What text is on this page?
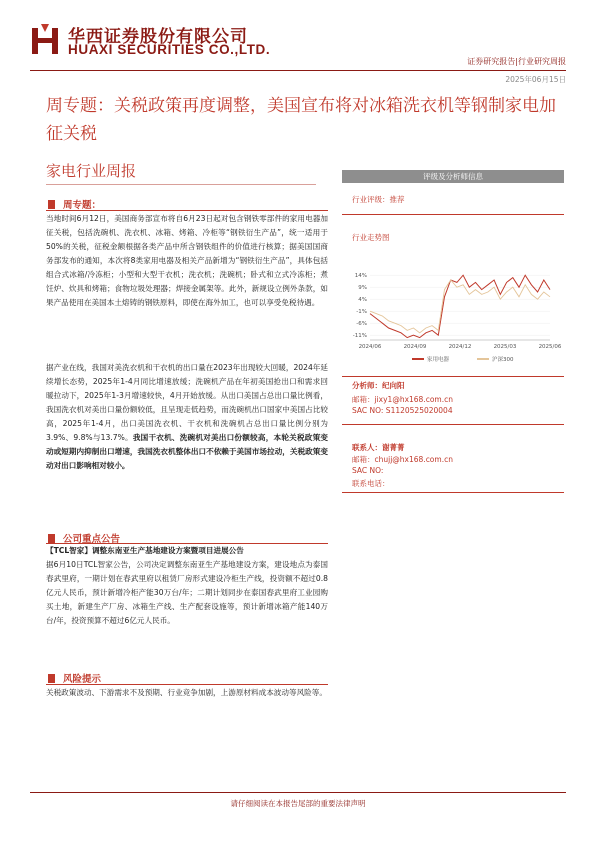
华西证券股份有限公司
HUAXI SECURITIES CO.,LTD.
证券研究报告|行业研究周报
2025年06月15日
周专题：关税政策再度调整，美国宣布将对冰箱洗衣机等钢制家电加征关税
家电行业周报
周专题：
当地时间6月12日，美国商务部宣布将自6月23日起对包含钢铁零部件的家用电器加征关税，包括洗碗机、洗衣机、冰箱、烤箱、冷柜等“钢铁衍生产品”，统一适用于50%的关税，征税金额根据各类产品中所含钢铁组件的价值进行核算；据美国国商务部发布的通知，本次将8类家用电器及相关产品新增为“钢铁衍生产品”，具体包括组合式冰箱/冷冻柜；小型和大型干衣机；洗衣机；洗碗机；卧式和立式冷冻柜；煮饪炉、炊具和烤箱；食物垃圾处理器；焊接金属架等。此外，新规设立例外条款，如果产品使用在美国本土熔铸的钢铁原料，即使在海外加工，也可以享受免税待遇。
据产业在线，我国对美洗衣机和干衣机的出口量在2023年出现较大回暖，2024年延续增长态势，2025年1-4月同比增速放缓；洗碗机产品在年初美国抢出口和需求回暖拉动下，2025年1-3月增速较快，4月开始放缓。从出口美国占总出口量比例看，我国洗衣机对美出口量份额较低，且呈现走低趋势，而洗碗机出口国家中美国占比较高，2025年1-4月，出口美国洗衣机、干衣机和洗碗机占总出口量比例分别为3.9%、9.8%与13.7%。我国干衣机、洗碗机对美出口份额较高，本轮关税政策变动或短期内抑制出口增速，我国洗衣机整体出口不依赖于美国市场拉动，关税政策变动对出口影响相对较小。
公司重点公告
【TCL智家】调整东南亚生产基地建设方案暨项目进展公告
据6月10日TCL智家公告，公司决定调整东南亚生产基地建设方案，建设地点为泰国春武里府，一期计划在春武里府以租赁厂房形式建设冷柜生产线，投资额不超过0.8亿元人民币，预计新增冷柜产能30万台/年；二期计划同步在泰国春武里府工业园购买土地，新建生产厂房、冰箱生产线、生产配套设施等，预计新增冰箱产能140万台/年，投资预算不超过6亿元人民币。
风险提示
关税政策波动、下游需求不及预期、行业竞争加剧，上游原材料成本波动等风险等。
评级及分析师信息
行业评级：推荐
行业走势图
分析师：纪向阳
邮箱：jixy1@hx168.com.cn
SAC NO: S1120525020004
联系人：谢菁菁
邮箱：chujj@hx168.com.cn
SAC NO:
联系电话：
14%
9%
4%
-1%
-6%
-11%
2024/06	2024/09	2024/12	2025/03	2025/06
家用电器	沪深300
请仔细阅读在本报告尾部的重要法律声明
